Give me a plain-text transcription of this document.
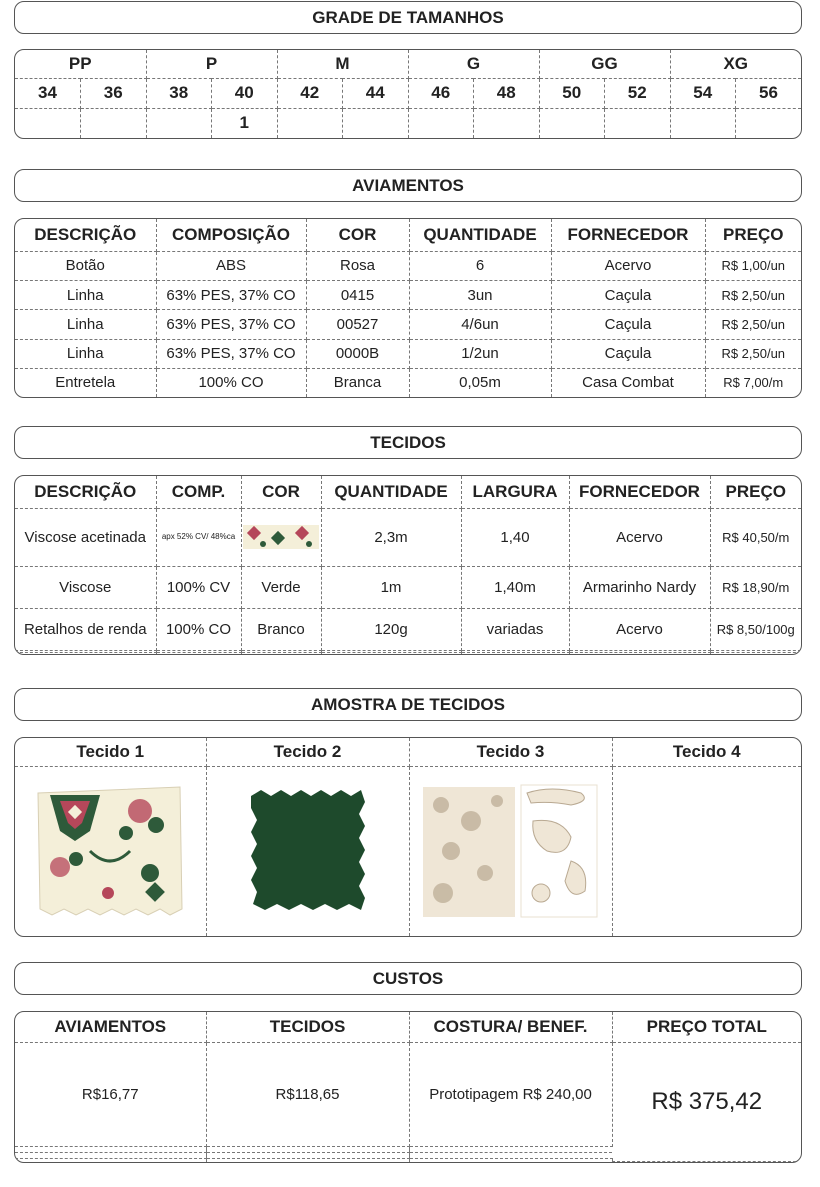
GRADE DE TAMANHOS
PP		P		M		G		GG		XG	
34	36	38	40	42	44	46	48	50	52	54	56
			1								
AVIAMENTOS
DESCRIÇÃO	COMPOSIÇÃO	COR	QUANTIDADE	FORNECEDOR	PREÇO
Botão	ABS	Rosa	6	Acervo	R$ 1,00/un
Linha	63% PES, 37% CO	0415	3un	Caçula	R$ 2,50/un
Linha	63% PES, 37% CO	00527	4/6un	Caçula	R$ 2,50/un
Linha	63% PES, 37% CO	0000B	1/2un	Caçula	R$ 2,50/un
Entretela	100% CO	Branca	0,05m	Casa Combat	R$ 7,00/m
TECIDOS
DESCRIÇÃO	COMP.	COR	QUANTIDADE	LARGURA	FORNECEDOR	PREÇO
Viscose acetinada	apx 52% CV/ 48%ca		2,3m	1,40	Acervo	R$ 40,50/m
Viscose	100% CV	Verde	1m	1,40m	Armarinho Nardy	R$ 18,90/m
Retalhos de renda	100% CO	Branco	120g	variadas	Acervo	R$ 8,50/100g

AMOSTRA DE TECIDOS
Tecido 1	Tecido 2	Tecido 3	Tecido 4

CUSTOS
AVIAMENTOS	TECIDOS	COSTURA/ BENEF.	PREÇO TOTAL
R$16,77	R$118,65	Prototipagem R$ 240,00	R$ 375,42
